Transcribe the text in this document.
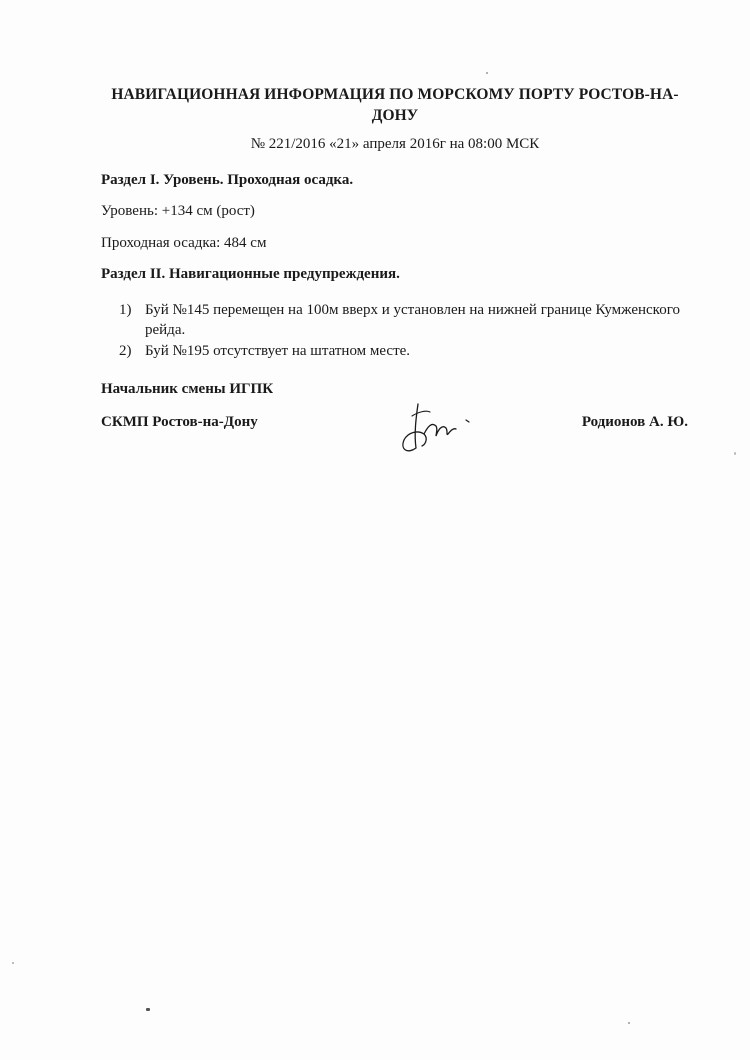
НАВИГАЦИОННАЯ ИНФОРМАЦИЯ ПО МОРСКОМУ ПОРТУ РОСТОВ-НА-ДОНУ
№ 221/2016 «21» апреля 2016г на 08:00 МСК
Раздел I. Уровень. Проходная осадка.
Уровень: +134 см (рост)
Проходная осадка: 484 см
Раздел II. Навигационные предупреждения.
1) Буй №145 перемещен на 100м вверх и установлен на нижней границе Кумженского рейда.
2) Буй №195 отсутствует на штатном месте.
Начальник смены ИГПК
СКМП Ростов-на-Дону	Родионов А. Ю.
